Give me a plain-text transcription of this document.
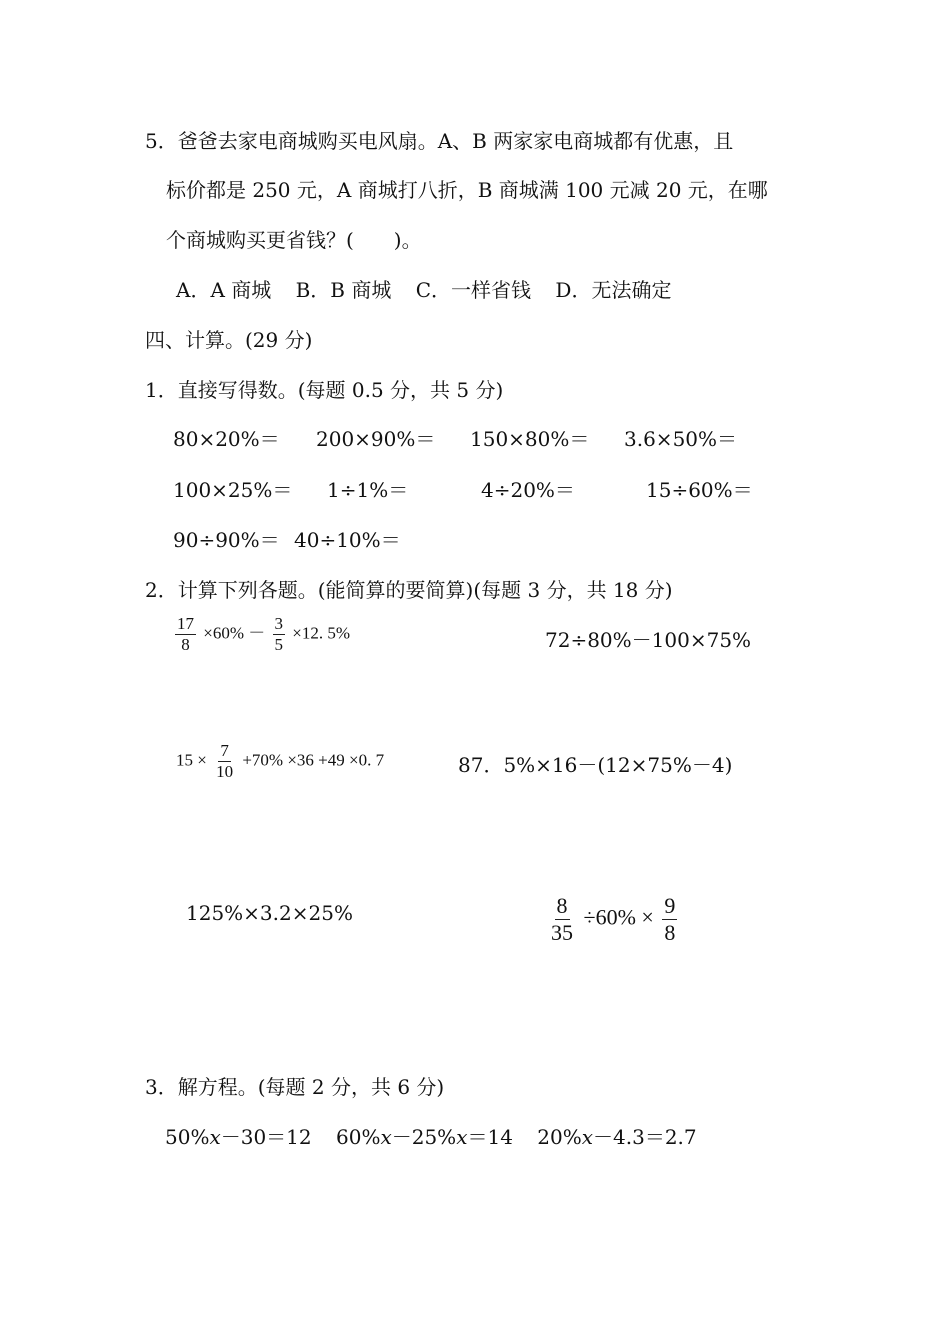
5．爸爸去家电商城购买电风扇。A、B 两家家电商城都有优惠，且
标价都是 250 元，A 商城打八折，B 商城满 100 元减 20 元，在哪
个商城购买更省钱？(　　)。
A．A 商城 B．B 商城 C．一样省钱 D．无法确定
四、计算。(29 分)
1．直接写得数。(每题 0.5 分，共 5 分)
80×20%＝ 200×90%＝ 150×80%＝ 3.6×50%＝
100×25%＝ 1÷1%＝	4÷20%＝	15÷60%＝
90÷90%＝ 40÷10%＝
2．计算下列各题。(能简算的要简算)(每题 3 分，共 18 分)
$\frac{17}{8} \times 60\% - \frac{3}{5} \times 12$. 5%	72÷80%－100×75%
$15 \times \frac{7}{10} +70\% \times 36 +49 \times 0$. 7	87．5%×16－(12×75%－4)
125%×3.2×25%	$\frac{8}{35} \div 60\% \times \frac{9}{8}$
3．解方程。(每题 2 分，共 6 分)
50%x－30＝12 60%x－25%x＝14 20%x－4.3＝2.7
